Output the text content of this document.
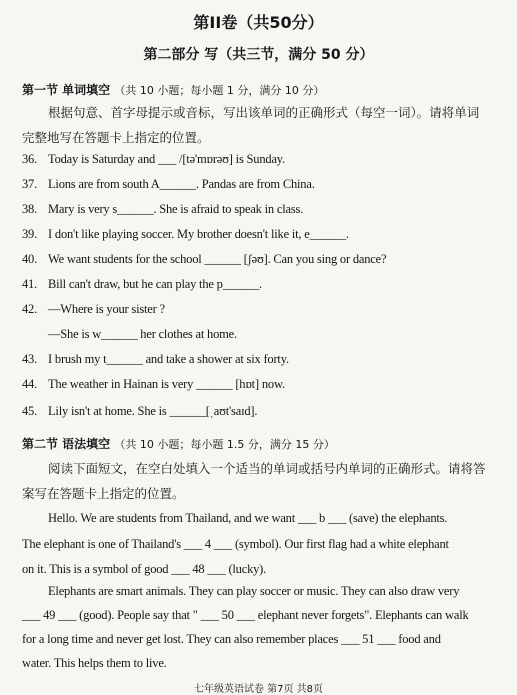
第II卷（共50分）
第二部分 写（共三节，满分 50 分）
第一节 单词填空 （共 10 小题；每小题 1 分，满分 10 分）
根据句意、首字母提示或音标，写出该单词的正确形式（每空一词）。请将单词
完整地写在答题卡上指定的位置。
36. Today is Saturday and ___ /[tə'mɒrəʊ] is Sunday.
37. Lions are from south A______. Pandas are from China.
38. Mary is very s______. She is afraid to speak in class.
39. I don't like playing soccer. My brother doesn't like it, e______.
40. We want students for the school ______ [ʃəʊ]. Can you sing or dance?
41. Bill can't draw, but he can play the p______.
42. —Where is your sister ?
—She is w______ her clothes at home.
43. I brush my t______ and take a shower at six forty.
44. The weather in Hainan is very ______ [hɒt] now.
45. Lily isn't at home. She is ______[ˌaʊt'saɪd].
第二节 语法填空 （共 10 小题；每小题 1.5 分，满分 15 分）
阅读下面短文，在空白处填入一个适当的单词或括号内单词的正确形式。请将答
案写在答题卡上指定的位置。
Hello. We are students from Thailand, and we want ___ b ___ (save) the elephants.
The elephant is one of Thailand's ___ 4 ___ (symbol). Our first flag had a white elephant
on it. This is a symbol of good ___ 48 ___ (lucky).
Elephants are smart animals. They can play soccer or music. They can also draw very
___ 49 ___ (good). People say that " ___ 50 ___ elephant never forgets". Elephants can walk
for a long time and never get lost. They can also remember places ___ 51 ___ food and
water. This helps them to live.
七年级英语试卷 第7页 共8页
